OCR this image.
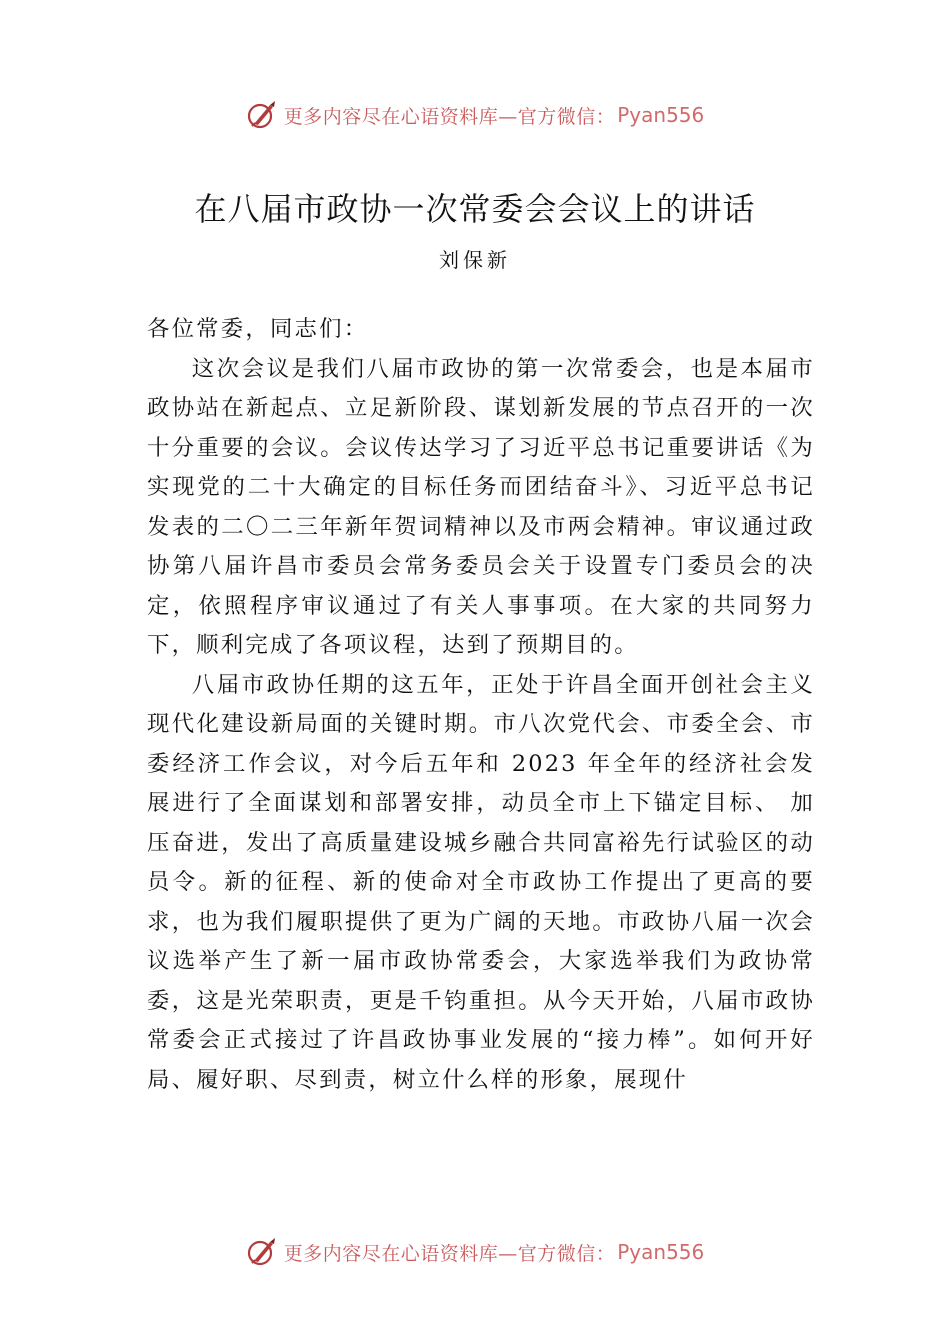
更多内容尽在心语资料库—官方微信： Pyan556
在八届市政协一次常委会会议上的讲话
刘保新

各位常委，同志们：

这次会议是我们八届市政协的第一次常委会，也是本届市政协站在新起点、立足新阶段、谋划新发展的节点召开的一次十分重要的会议。会议传达学习了习近平总书记重要讲话《为实现党的二十大确定的目标任务而团结奋斗》、习近平总书记发表的二〇二三年新年贺词精神以及市两会精神。审议通过政协第八届许昌市委员会常务委员会关于设置专门委员会的决定，依照程序审议通过了有关人事事项。在大家的共同努力下，顺利完成了各项议程，达到了预期目的。

八届市政协任期的这五年，正处于许昌全面开创社会主义现代化建设新局面的关键时期。市八次党代会、市委全会、市委经济工作会议，对今后五年和 2023 年全年的经济社会发展进行了全面谋划和部署安排，动员全市上下锚定目标、 加压奋进，发出了高质量建设城乡融合共同富裕先行试验区的动员令。新的征程、新的使命对全市政协工作提出了更高的要求，也为我们履职提供了更为广阔的天地。市政协八届一次会议选举产生了新一届市政协常委会，大家选举我们为政协常委，这是光荣职责，更是千钧重担。从今天开始，八届市政协常委会正式接过了许昌政协事业发展的“接力棒”。如何开好局、履好职、尽到责，树立什么样的形象，展现什

更多内容尽在心语资料库—官方微信： Pyan556
